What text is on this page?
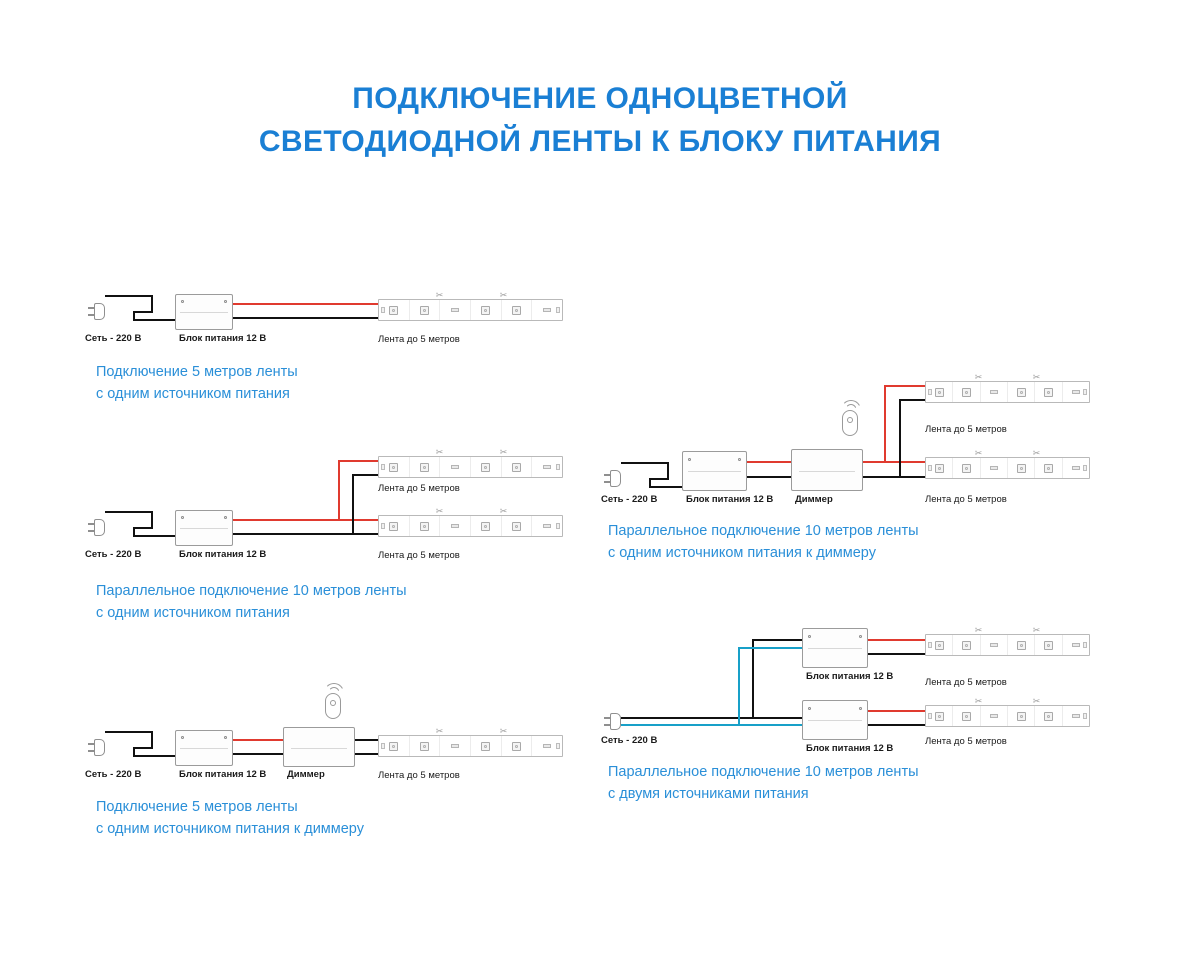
ПОДКЛЮЧЕНИЕ ОДНОЦВЕТНОЙ
СВЕТОДИОДНОЙ ЛЕНТЫ К БЛОКУ ПИТАНИЯ
✂	✂
Сеть - 220 В	Блок питания 12 В	Лента до 5 метров
Подключение 5 метров ленты
с одним источником питания
✂	✂
✂	✂
Сеть - 220 В	Блок питания 12 В
Лента до 5 метров
Лента до 5 метров
Параллельное подключение 10 метров ленты
с одним источником питания
✂	✂
Сеть - 220 В	Блок питания 12 В Диммер	Лента до 5 метров
Подключение 5 метров ленты
с одним источником питания к диммеру
✂	✂
✂	✂
Сеть - 220 В	Блок питания 12 В Диммер
Лента до 5 метров
Лента до 5 метров
Параллельное подключение 10 метров ленты
с одним источником питания к диммеру
✂	✂
✂	✂
Сеть - 220 В
Блок питания 12 В
Блок питания 12 В
Лента до 5 метров
Лента до 5 метров
Параллельное подключение 10 метров ленты
с двумя источниками питания
